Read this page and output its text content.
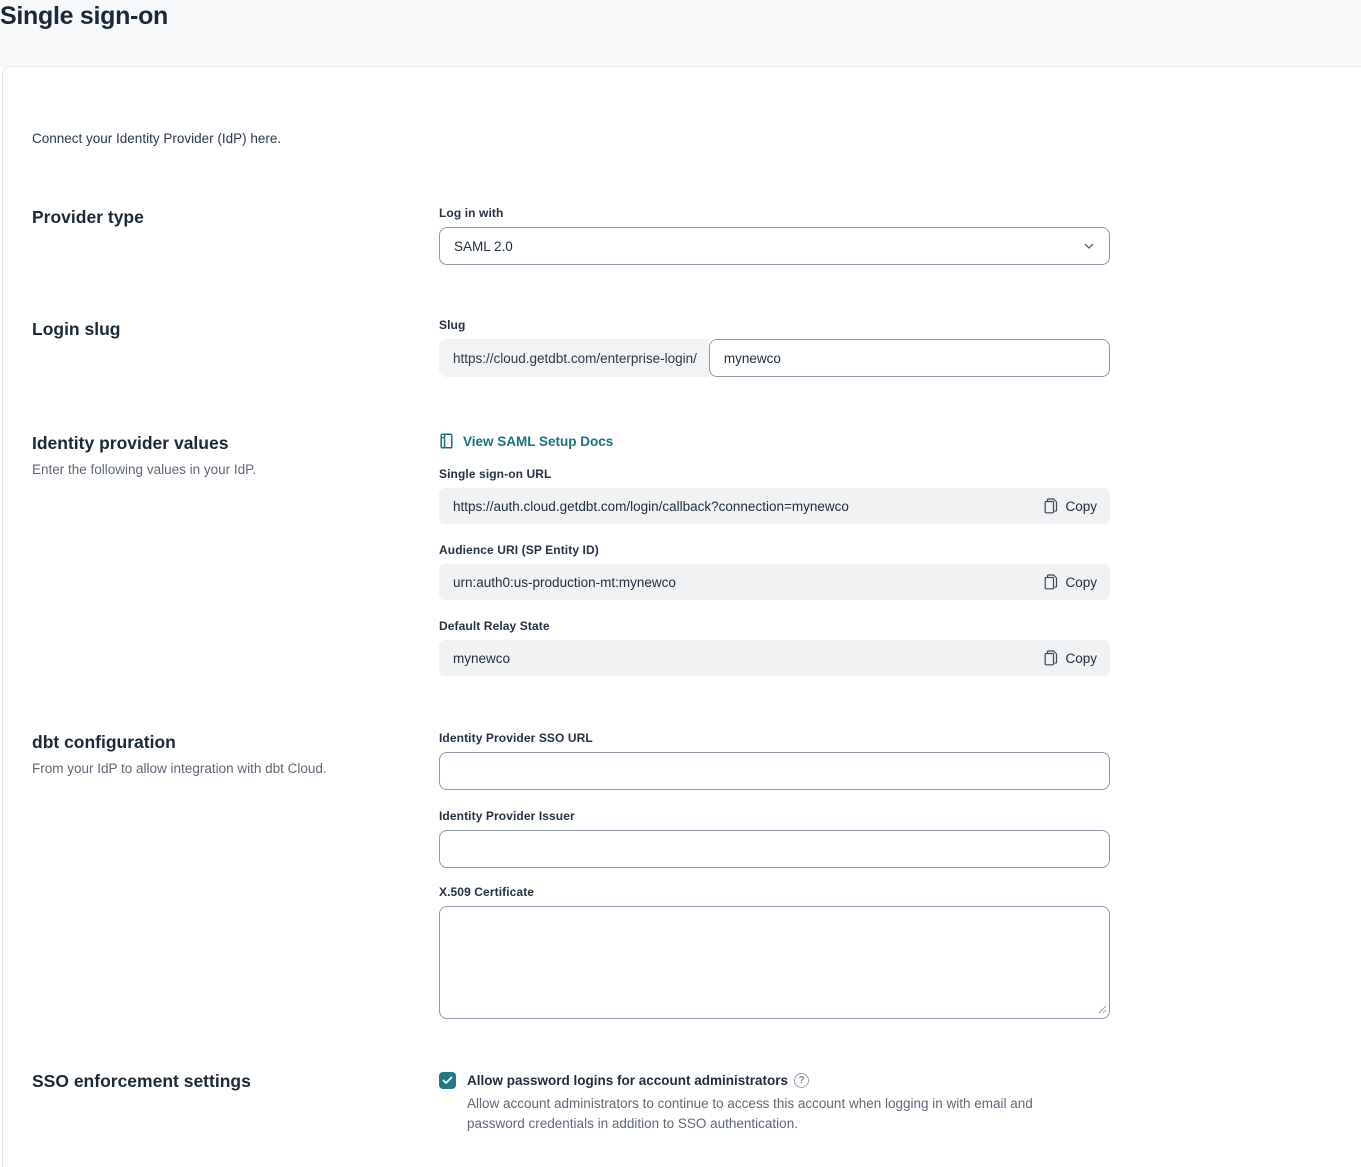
Single sign-on
Connect your Identity Provider (IdP) here.
Provider type	Log in with
SAML 2.0
Login slug	Slug
https://cloud.getdbt.com/enterprise-login/
mynewco
Identity provider values
Enter the following values in your IdP.
View SAML Setup Docs
Single sign-on URL
https://auth.cloud.getdbt.com/login/callback?connection=mynewco	Copy
Audience URI (SP Entity ID)
urn:auth0:us-production-mt:mynewco	Copy
Default Relay State
mynewco	Copy
dbt configuration
From your IdP to allow integration with dbt Cloud.
Identity Provider SSO URL
Identity Provider Issuer
X.509 Certificate
SSO enforcement settings	Allow password logins for account administrators	?
Allow account administrators to continue to access this account when logging in with email and password credentials in addition to SSO authentication.
